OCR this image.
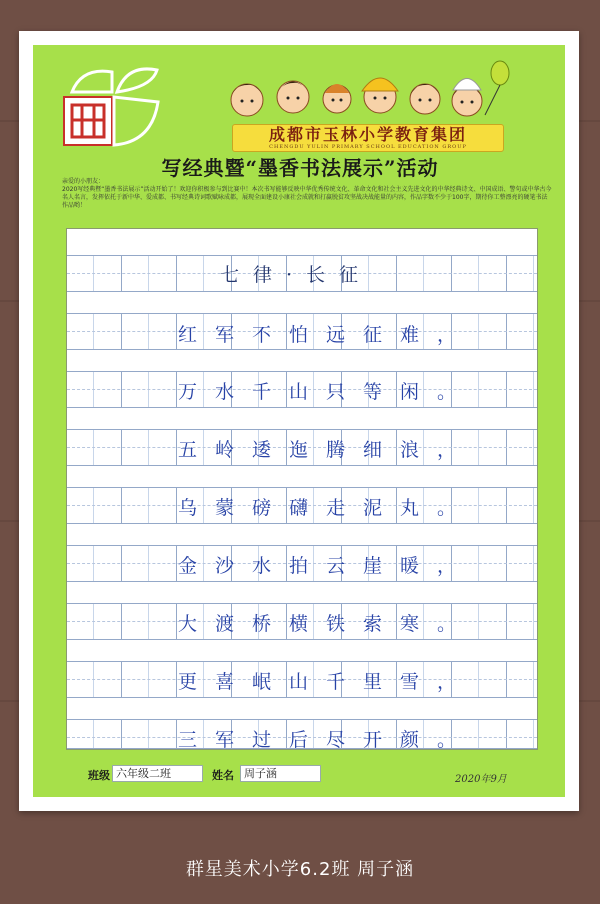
成都市玉林小学教育集团
CHENGDU YULIN PRIMARY SCHOOL EDUCATION GROUP
写经典暨“墨香书法展示”活动
亲爱的小朋友：
2020写经典暨“墨香书法展示”活动开始了！欢迎你积极参与到比赛中！本次书写能够反映中华优秀传统文化、革命文化和社会主义先进文化的中华经典诗文、中国成语、警句或中华古今名人名言，发挥依托于新中华、爱成都、书写经典诗词歌赋咏成都，展现全面建设小康社会成就和打赢脱贫攻坚战决战能量的内容，作品字数不少于100字，期待你工整漂亮的硬笔书法作品哟！
七律·长征
红军不怕远征难，
万水千山只等闲。
五岭逶迤腾细浪，
乌蒙磅礴走泥丸。
金沙水拍云崖暖，
大渡桥横铁索寒。
更喜岷山千里雪，
三军过后尽开颜。
班级 六年级二班	姓名 周子涵	2020年9月
群星美术小学6.2班 周子涵
